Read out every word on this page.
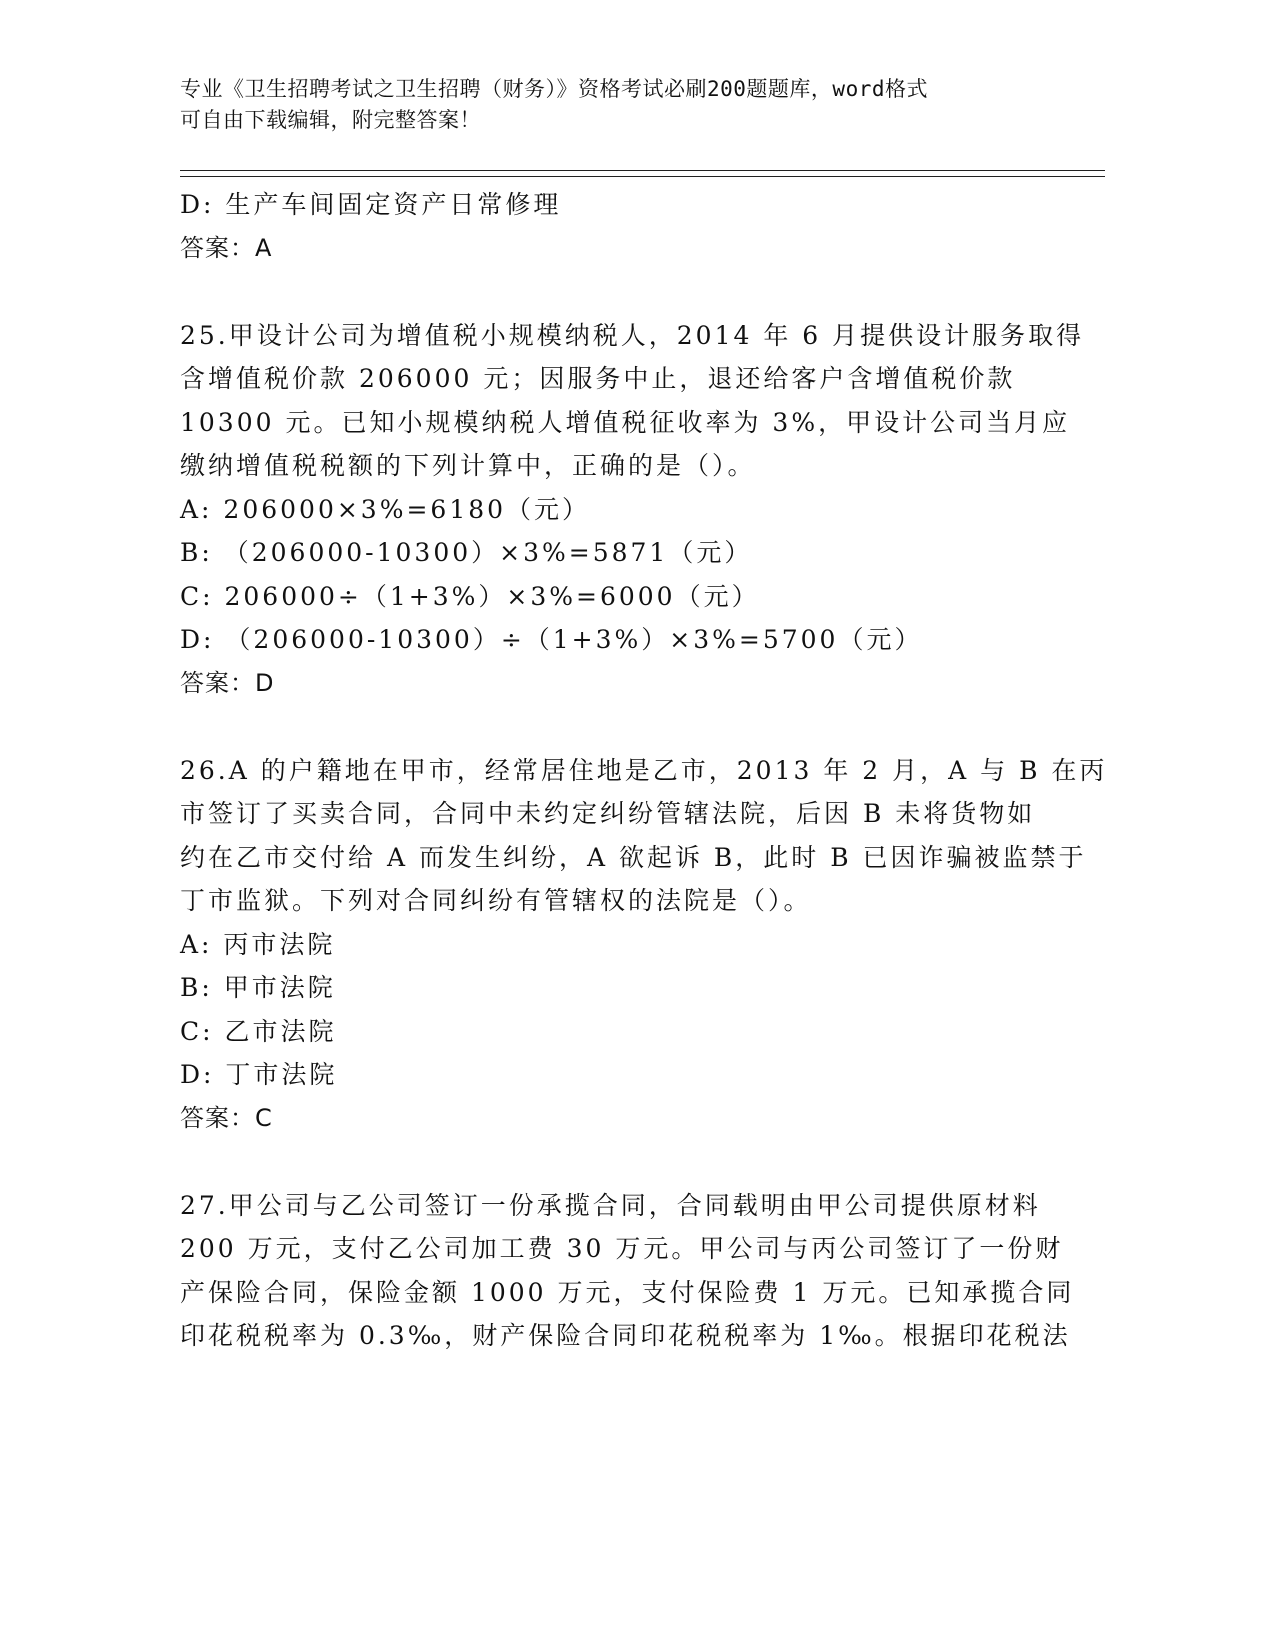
专业《卫生招聘考试之卫生招聘（财务）》资格考试必刷200题题库，word格式
可自由下载编辑，附完整答案！
D: 生产车间固定资产日常修理
答案：A
25.甲设计公司为增值税小规模纳税人，2014 年 6 月提供设计服务取得
含增值税价款 206000 元；因服务中止，退还给客户含增值税价款
10300 元。已知小规模纳税人增值税征收率为 3%，甲设计公司当月应
缴纳增值税税额的下列计算中，正确的是（）。
A: 206000×3%=6180（元）
B: （206000-10300）×3%=5871（元）
C: 206000÷（1+3%）×3%=6000（元）
D: （206000-10300）÷（1+3%）×3%=5700（元）
答案：D
26.A 的户籍地在甲市，经常居住地是乙市，2013 年 2 月，A 与 B 在丙
市签订了买卖合同，合同中未约定纠纷管辖法院，后因 B 未将货物如
约在乙市交付给 A 而发生纠纷，A 欲起诉 B，此时 B 已因诈骗被监禁于
丁市监狱。下列对合同纠纷有管辖权的法院是（）。
A: 丙市法院
B: 甲市法院
C: 乙市法院
D: 丁市法院
答案：C
27.甲公司与乙公司签订一份承揽合同，合同载明由甲公司提供原材料
200 万元，支付乙公司加工费 30 万元。甲公司与丙公司签订了一份财
产保险合同，保险金额 1000 万元，支付保险费 1 万元。已知承揽合同
印花税税率为 0.3‰，财产保险合同印花税税率为 1‰。根据印花税法
